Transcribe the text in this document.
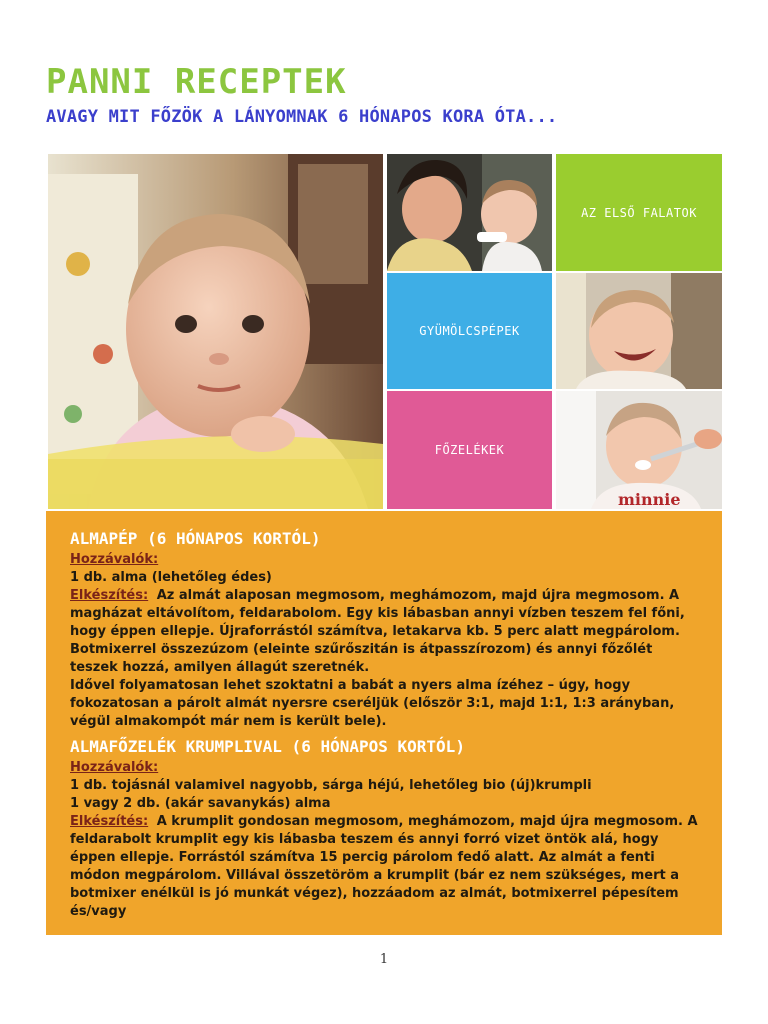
PANNI RECEPTEK
AVAGY MIT FŐZÖK A LÁNYOMNAK 6 HÓNAPOS KORA ÓTA...
AZ ELSŐ FALATOK
GYÜMÖLCSPÉPEK
FŐZELÉKEK
minnie
ALMAPÉP (6 HÓNAPOS KORTÓL)
Hozzávalók:

1 db. alma (lehetőleg édes)

Elkészítés: Az almát alaposan megmosom, meghámozom, majd újra megmosom. A magházat eltávolítom, feldarabolom. Egy kis lábasban annyi vízben teszem fel főni, hogy éppen ellepje. Újraforrástól számítva, letakarva kb. 5 perc alatt megpárolom. Botmixerrel összezúzom (eleinte szűrőszitán is átpasszírozom) és annyi főzőlét teszek hozzá, amilyen állagút szeretnék.

Idővel folyamatosan lehet szoktatni a babát a nyers alma ízéhez – úgy, hogy fokozatosan a párolt almát nyersre cseréljük (először 3:1, majd 1:1, 1:3 arányban, végül almakompót már nem is került bele).

ALMAFŐZELÉK KRUMPLIVAL (6 HÓNAPOS KORTÓL)
Hozzávalók:

1 db. tojásnál valamivel nagyobb, sárga héjú, lehetőleg bio (új)krumpli

1 vagy 2 db. (akár savanykás) alma

Elkészítés: A krumplit gondosan megmosom, meghámozom, majd újra megmosom. A feldarabolt krumplit egy kis lábasba teszem és annyi forró vizet öntök alá, hogy éppen ellepje. Forrástól számítva 15 percig párolom fedő alatt. Az almát a fenti módon megpárolom. Villával összetöröm a krumplit (bár ez nem szükséges, mert a botmixer enélkül is jó munkát végez), hozzáadom az almát, botmixerrel pépesítem és/vagy

1
